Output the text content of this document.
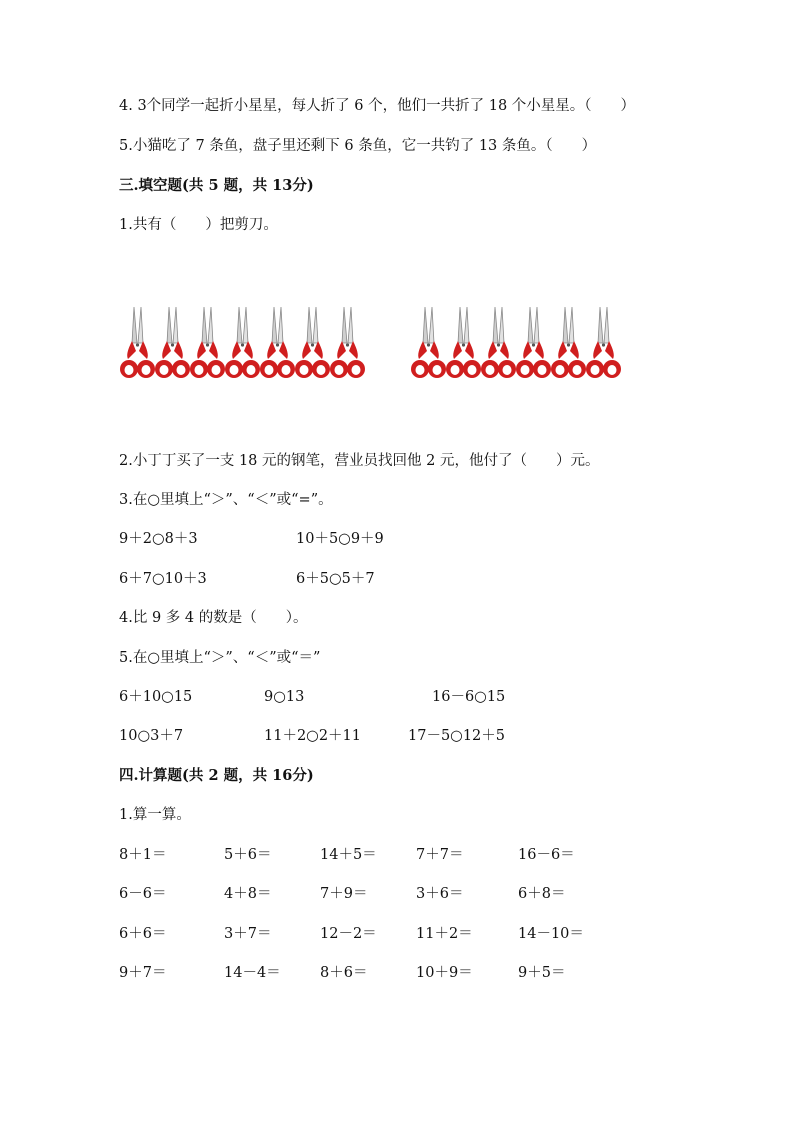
4. 3个同学一起折小星星，每人折了 6 个，他们一共折了 18 个小星星。（　　）
5.小猫吃了 7 条鱼，盘子里还剩下 6 条鱼，它一共钓了 13 条鱼。（　　）
三.填空题(共 5 题，共 13分)
1.共有（　　）把剪刀。
2.小丁丁买了一支 18 元的钢笔，营业员找回他 2 元，他付了（　　）元。
3.在○里填上“＞”、“＜”或“=”。
9＋2○8＋3	10＋5○9＋9
6＋7○10＋3	6＋5○5＋7
4.比 9 多 4 的数是（　　）。
5.在○里填上“＞”、“＜”或“＝”
6＋10○15	9○13	16－6○15
10○3＋7	11＋2○2＋11	17－5○12＋5
四.计算题(共 2 题，共 16分)
1.算一算。
8＋1＝	5＋6＝	14＋5＝	7＋7＝	16－6＝
6－6＝	4＋8＝	7＋9＝	3＋6＝	6＋8＝
6＋6＝	3＋7＝	12－2＝	11＋2＝	14－10＝
9＋7＝	14－4＝	8＋6＝	10＋9＝	9＋5＝
